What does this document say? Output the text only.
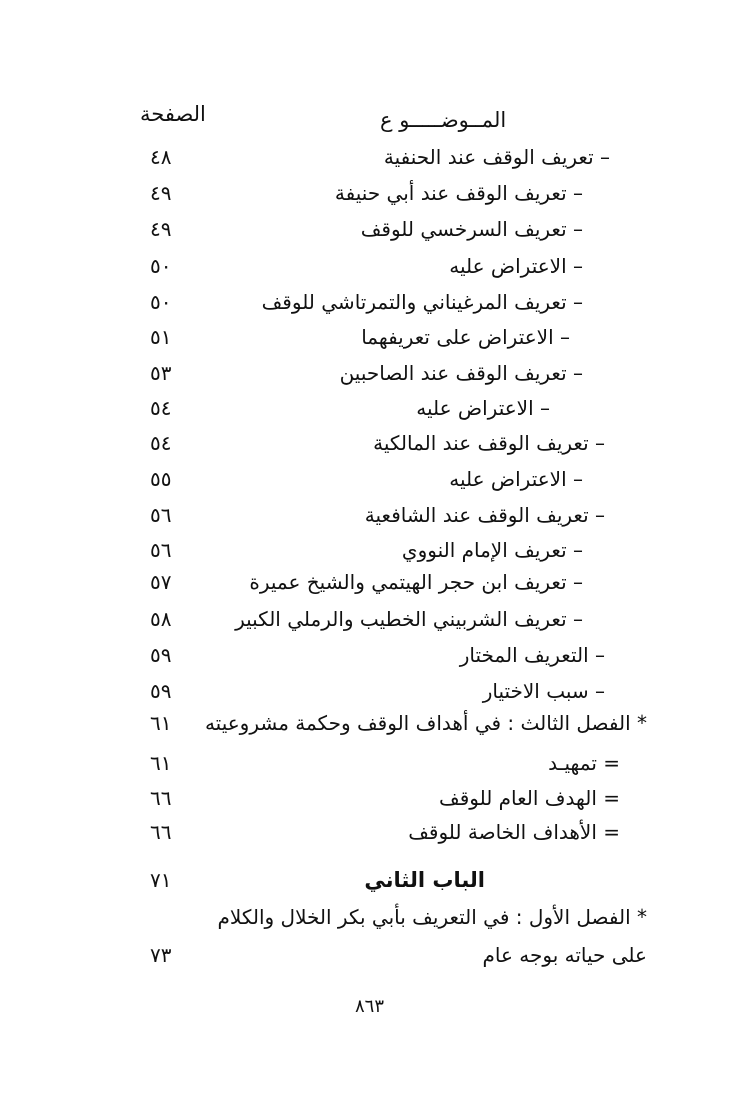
المــوضـــــو ع
الصفحة
– تعريف الوقف عند الحنفية
٤٨
– تعريف الوقف عند أبي حنيفة
٤٩
– تعريف السرخسي للوقف
٤٩
– الاعتراض عليه
٥٠
– تعريف المرغيناني والتمرتاشي للوقف
٥٠
– الاعتراض على تعريفهما
٥١
– تعريف الوقف عند الصاحبين
٥٣
– الاعتراض عليه
٥٤
– تعريف الوقف عند المالكية
٥٤
– الاعتراض عليه
٥٥
– تعريف الوقف عند الشافعية
٥٦
– تعريف الإمام النووي
٥٦
– تعريف ابن حجر الهيتمي والشيخ عميرة
٥٧
– تعريف الشربيني الخطيب والرملي الكبير
٥٨
– التعريف المختار
٥٩
– سبب الاختيار
٥٩
* الفصل الثالث : في أهداف الوقف وحكمة مشروعيته
٦١
= تمهيـد
٦١
= الهدف العام للوقف
٦٦
= الأهداف الخاصة للوقف
٦٦
الباب الثاني
٧١
* الفصل الأول : في التعريف بأبي بكر الخلال والكلام
على حياته بوجه عام
٧٣
٨٦٣
